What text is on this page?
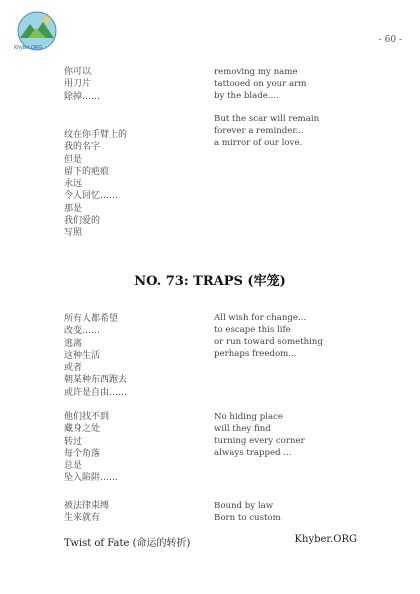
Khyber.ORG
- 60 -
你可以
用刀片
除掉……
removing my name
tattooed on your arm
by the blade....
纹在你手臂上的
我的名字
但是
留下的疤痕
永远
令人回忆……
那是
我们爱的
写照
But the scar will remain
forever a reminder...
a mirror of our love.
NO. 73: TRAPS (牢笼)
所有人都希望
改变……
逃离
这种生活
或者
朝某种东西跑去
或许是自由……
All wish for change...
to escape this life
or run toward something
perhaps freedom...
他们找不到
藏身之处
转过
每个角落
总是
坠入陷阱……
No hiding place
will they find
turning every corner
always trapped ...
被法律束缚
生来就有
Bound by law
Born to custom
Twist of Fate (命运的转折)	Khyber.ORG
